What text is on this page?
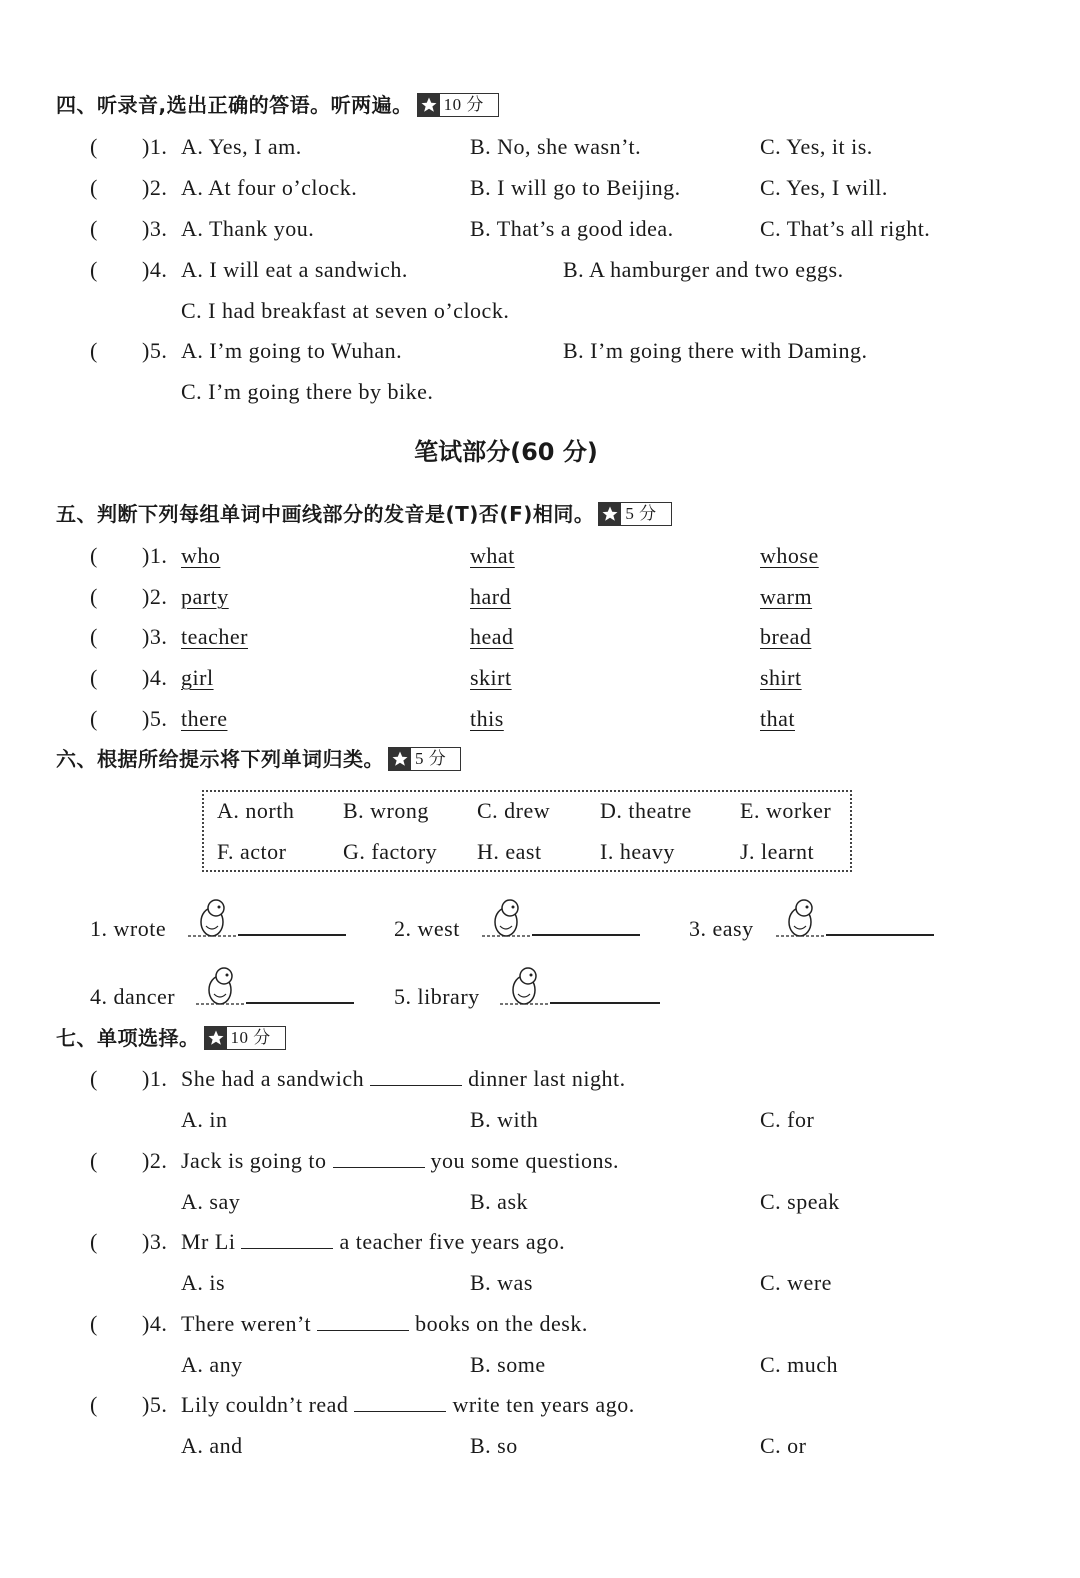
四、听录音,选出正确的答语。听两遍。 10 分
( )1. A. Yes, I am.	B. No, she wasn’t.	C. Yes, it is.
( )2. A. At four o’clock.	B. I will go to Beijing.	C. Yes, I will.
( )3. A. Thank you.	B. That’s a good idea.	C. That’s all right.
( )4. A. I will eat a sandwich.	B. A hamburger and two eggs.
C. I had breakfast at seven o’clock.
( )5. A. I’m going to Wuhan.	B. I’m going there with Daming.
C. I’m going there by bike.
笔试部分(60 分)
五、判断下列每组单词中画线部分的发音是(T)否(F)相同。 5 分
( )1. who	what	whose
( )2. party	hard	warm
( )3. teacher	head	bread
( )4. girl	skirt	shirt
( )5. there	this	that
六、根据所给提示将下列单词归类。 5 分
A. north B. wrong C. drew D. theatre E. worker
F. actor	G. factory H. east	I. heavy	J. learnt
1. wrote	2. west	3. easy
4. dancer	5. library
七、单项选择。 10 分
( )1. She had a sandwich	dinner last night.
A. in	B. with	C. for
( )2. Jack is going to	you some questions.
A. say	B. ask	C. speak
( )3. Mr Li	a teacher five years ago.
A. is	B. was	C. were
( )4. There weren’t	books on the desk.
A. any	B. some	C. much
( )5. Lily couldn’t read	write ten years ago.
A. and	B. so	C. or
